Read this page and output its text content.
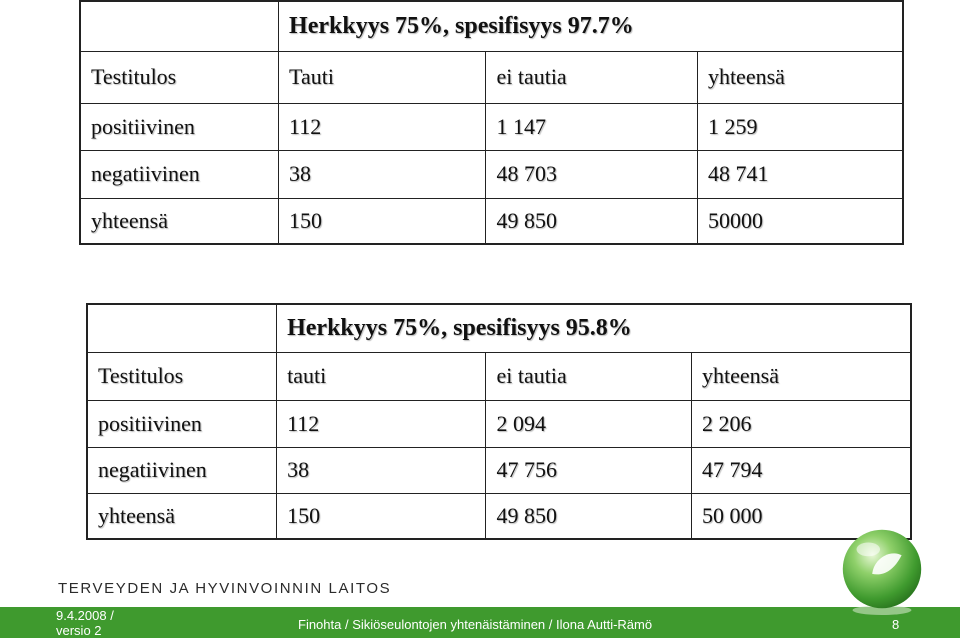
	Herkkyys 75%, spesifisyys 97.7%		
Testitulos	Tauti	ei tautia	yhteensä
positiivinen	112	1 147	1 259
negatiivinen	38	48 703	48 741
yhteensä	150	49 850	50000
	Herkkyys 75%, spesifisyys 95.8%		
Testitulos	tauti	ei tautia	yhteensä
positiivinen	112	2 094	2 206
negatiivinen	38	47 756	47 794
yhteensä	150	49 850	50 000
TERVEYDEN JA HYVINVOINNIN LAITOS
9.4.2008 / versio 2	Finohta / Sikiöseulontojen yhtenäistäminen / Ilona Autti-Rämö	8
